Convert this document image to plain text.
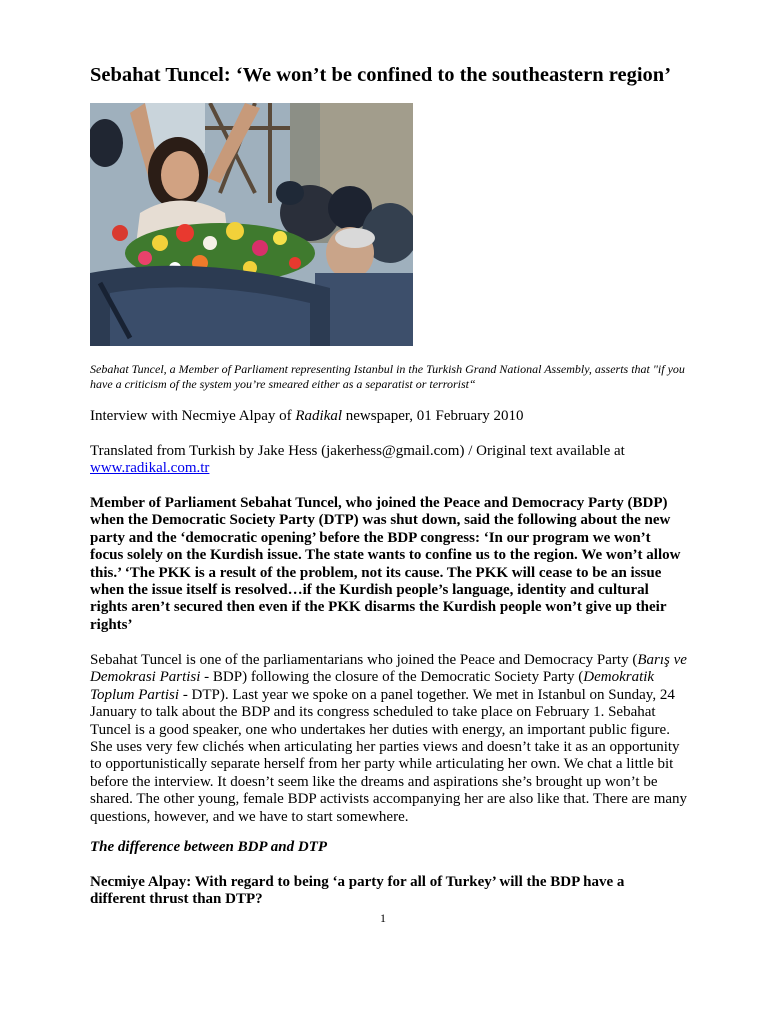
Sebahat Tuncel: ‘We won’t be confined to the southeastern region’

Sebahat Tuncel, a Member of Parliament representing Istanbul in the Turkish Grand National Assembly, asserts that "if you have a criticism of the system you’re smeared either as a separatist or terrorist“

Interview with Necmiye Alpay of Radikal newspaper, 01 February 2010

Translated from Turkish by Jake Hess (jakerhess@gmail.com) / Original text available at www.radikal.com.tr

Member of Parliament Sebahat Tuncel, who joined the Peace and Democracy Party (BDP) when the Democratic Society Party (DTP) was shut down, said the following about the new party and the ‘democratic opening’ before the BDP congress: ‘In our program we won’t focus solely on the Kurdish issue. The state wants to confine us to the region. We won’t allow this.’ ‘The PKK is a result of the problem, not its cause. The PKK will cease to be an issue when the issue itself is resolved…if the Kurdish people’s language, identity and cultural rights aren’t secured then even if the PKK disarms the Kurdish people won’t give up their rights’

Sebahat Tuncel is one of the parliamentarians who joined the Peace and Democracy Party (Barış ve Demokrasi Partisi - BDP) following the closure of the Democratic Society Party (Demokratik Toplum Partisi - DTP). Last year we spoke on a panel together. We met in Istanbul on Sunday, 24 January to talk about the BDP and its congress scheduled to take place on February 1. Sebahat Tuncel is a good speaker, one who undertakes her duties with energy, an important public figure. She uses very few clichés when articulating her parties views and doesn’t take it as an opportunity to opportunistically separate herself from her party while articulating her own. We chat a little bit before the interview. It doesn’t seem like the dreams and aspirations she’s brought up won’t be shared. The other young, female BDP activists accompanying her are also like that. There are many questions, however, and we have to start somewhere.

The difference between BDP and DTP

Necmiye Alpay: With regard to being ‘a party for all of Turkey’ will the BDP have a different thrust than DTP?

1
